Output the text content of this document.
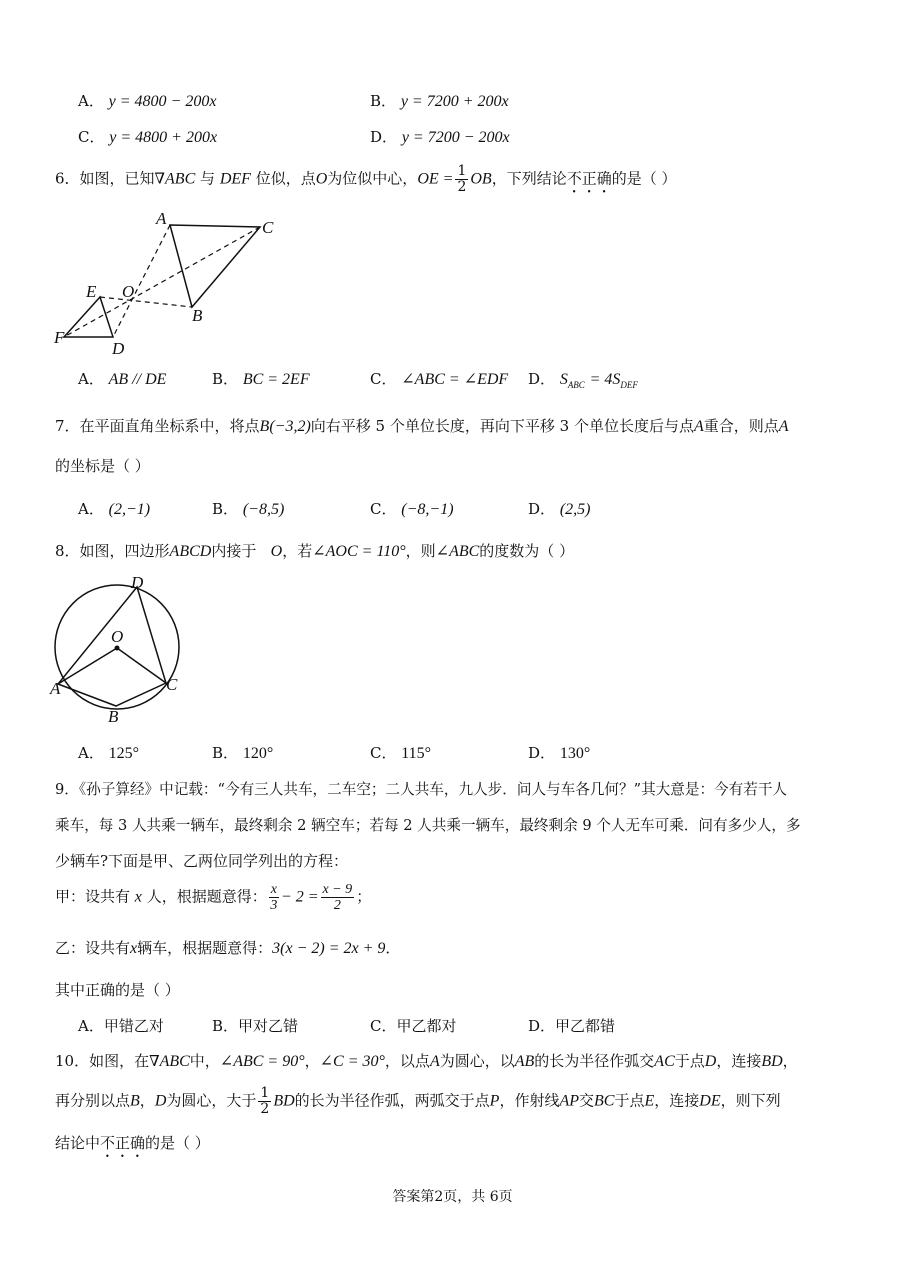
A． y = 4800 − 200x	B． y = 7200 + 200x
C． y = 4800 + 200x	D． y = 7200 − 200x
6．如图，已知∇ABC 与 DEF 位似，点O为位似中心，OE = $\frac{1}{2}$ OB，下列结论不正确的是（ ）
A	C
E O
B
F
D
A． AB // DE	B． BC = 2EF	C． ∠ABC = ∠EDF D． $S_{ABC} = 4S_{DEF}$
7．在平面直角坐标系中，将点B(−3,2)向右平移 5 个单位长度，再向下平移 3 个单位长度后与点A重合，则点A
的坐标是（ ）
A． (2,−1)	B． (−8,5)	C． (−8,−1)	D． (2,5)
8．如图，四边形ABCD内接于 O，若∠AOC = 110°，则∠ABC的度数为（ ）
D
O
A	C
B
A． 125°	B． 120°	C． 115°	D． 130°
9．《孙子算经》中记载：“今有三人共车，二车空；二人共车，九人步．问人与车各几何？”其大意是：今有若干人
乘车，每 3 人共乘一辆车，最终剩余 2 辆空车；若每 2 人共乘一辆车，最终剩余 9 个人无车可乘．问有多少人，多
少辆车?下面是甲、乙两位同学列出的方程：
甲：设共有 x 人，根据题意得： $\frac{x}{3} - 2 = \frac{x - 9}{2}$ ；
乙：设共有x辆车，根据题意得：3(x − 2) = 2x + 9．
其中正确的是（ ）
A．甲错乙对	B．甲对乙错	C．甲乙都对	D．甲乙都错
10．如图，在∇ABC中，∠ABC = 90°，∠C = 30°，以点A为圆心，以AB的长为半径作弧交AC于点D，连接BD，
再分别以点B，D为圆心，大于 $\frac{1}{2}$ BD的长为半径作弧，两弧交于点P，作射线AP交BC于点E，连接DE，则下列
结论中不正确的是（ ）
答案第2页，共 6页
